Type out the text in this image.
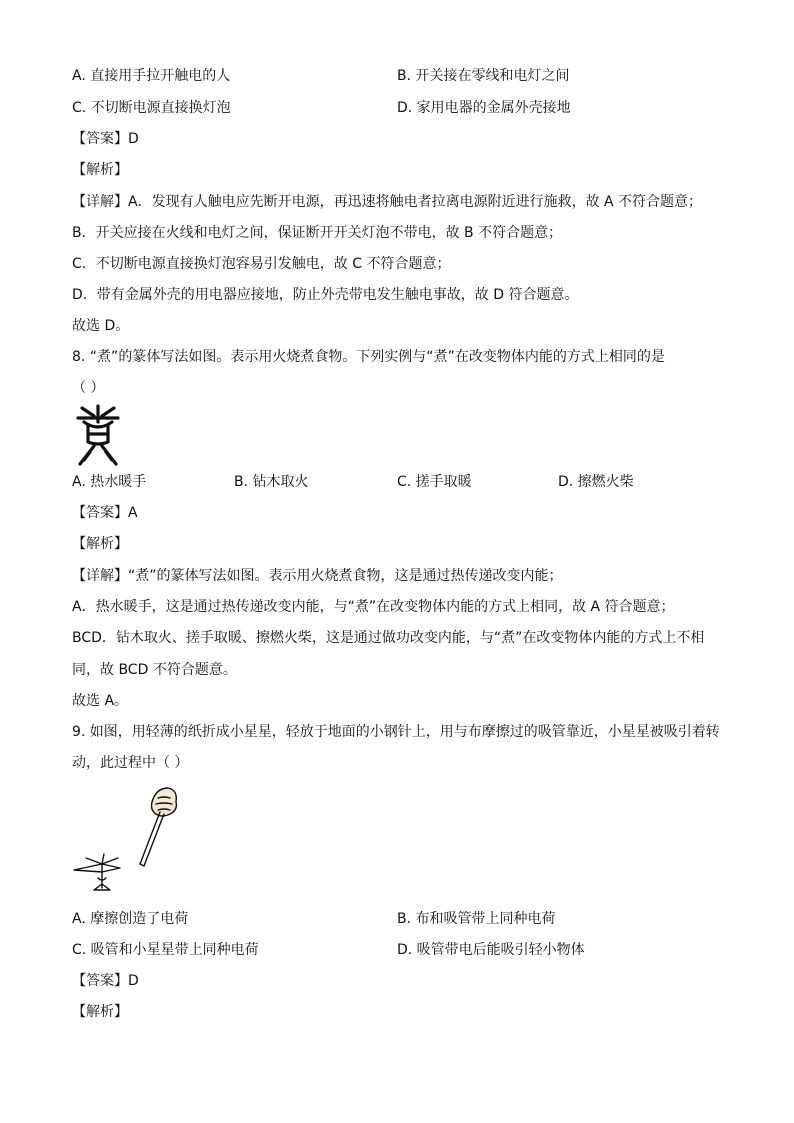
A. 直接用手拉开触电的人	B. 开关接在零线和电灯之间
C. 不切断电源直接换灯泡	D. 家用电器的金属外壳接地
【答案】D
【解析】
【详解】A．发现有人触电应先断开电源，再迅速将触电者拉离电源附近进行施救，故 A 不符合题意；
B．开关应接在火线和电灯之间，保证断开开关灯泡不带电，故 B 不符合题意；
C．不切断电源直接换灯泡容易引发触电，故 C 不符合题意；
D．带有金属外壳的用电器应接地，防止外壳带电发生触电事故，故 D 符合题意。
故选 D。
8. “煮”的篆体写法如图。表示用火烧煮食物。下列实例与“煮”在改变物体内能的方式上相同的是
（ ）
A. 热水暖手	B. 钻木取火	C. 搓手取暖	D. 擦燃火柴
【答案】A
【解析】
【详解】“煮”的篆体写法如图。表示用火烧煮食物，这是通过热传递改变内能；
A．热水暖手，这是通过热传递改变内能，与“煮”在改变物体内能的方式上相同，故 A 符合题意；
BCD．钻木取火、搓手取暖、擦燃火柴，这是通过做功改变内能，与“煮”在改变物体内能的方式上不相
同，故 BCD 不符合题意。
故选 A。
9. 如图，用轻薄的纸折成小星星，轻放于地面的小钢针上，用与布摩擦过的吸管靠近，小星星被吸引着转
动，此过程中（ ）
A. 摩擦创造了电荷	B. 布和吸管带上同种电荷
C. 吸管和小星星带上同种电荷	D. 吸管带电后能吸引轻小物体
【答案】D
【解析】
